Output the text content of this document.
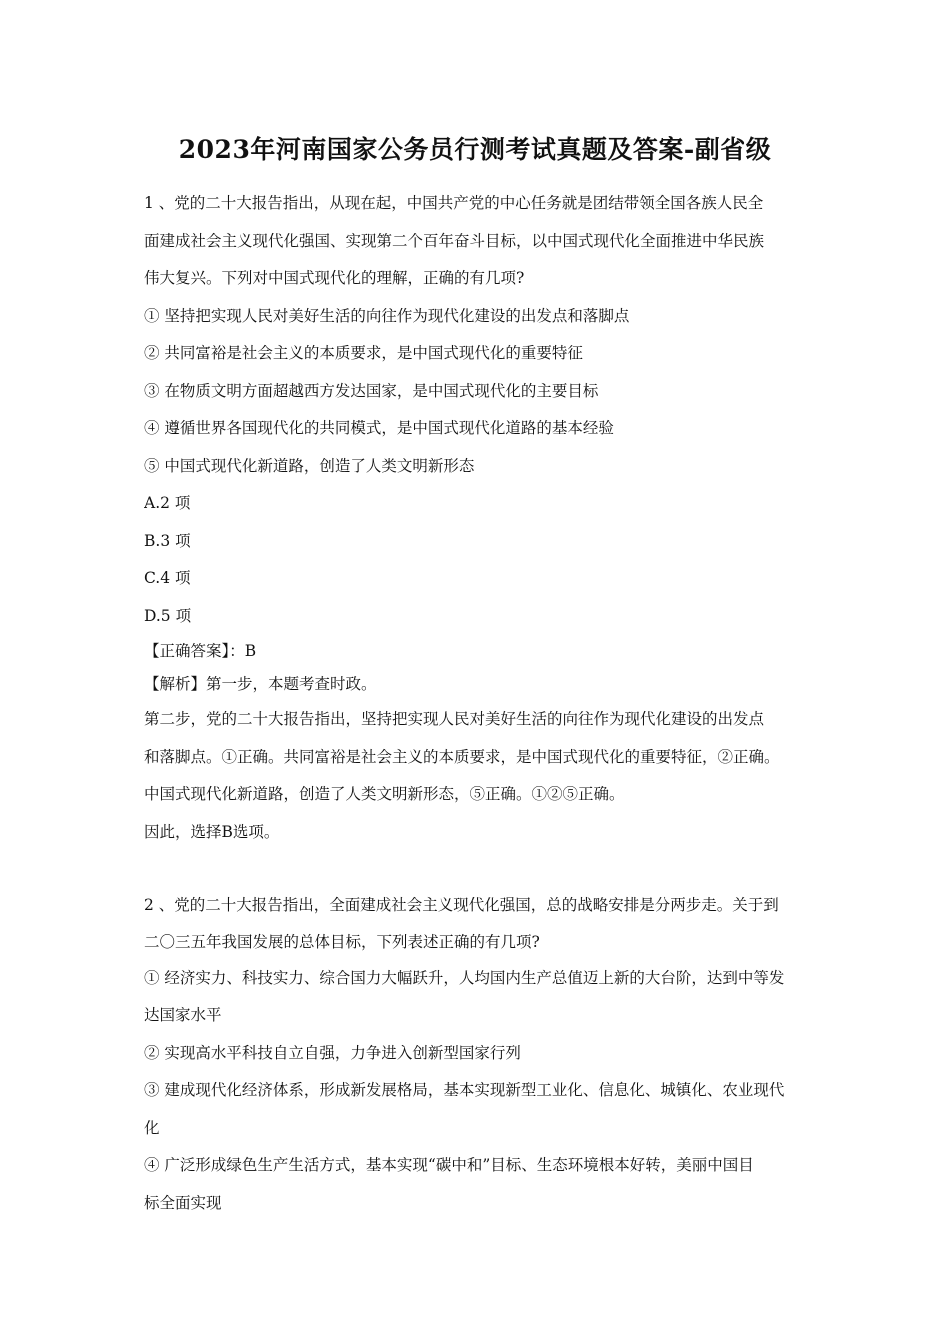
2023年河南国家公务员行测考试真题及答案-副省级
1 、党的二十大报告指出，从现在起，中国共产党的中心任务就是团结带领全国各族人民全
面建成社会主义现代化强国、实现第二个百年奋斗目标，以中国式现代化全面推进中华民族
伟大复兴。下列对中国式现代化的理解，正确的有几项?
① 坚持把实现人民对美好生活的向往作为现代化建设的出发点和落脚点
② 共同富裕是社会主义的本质要求，是中国式现代化的重要特征
③ 在物质文明方面超越西方发达国家，是中国式现代化的主要目标
④ 遵循世界各国现代化的共同模式，是中国式现代化道路的基本经验
⑤ 中国式现代化新道路，创造了人类文明新形态
A.2 项
B.3 项
C.4 项
D.5 项
【正确答案】：B
【解析】第一步，本题考查时政。
第二步，党的二十大报告指出，坚持把实现人民对美好生活的向往作为现代化建设的出发点
和落脚点。①正确。共同富裕是社会主义的本质要求，是中国式现代化的重要特征，②正确。
中国式现代化新道路，创造了人类文明新形态，⑤正确。①②⑤正确。
因此，选择B选项。
2 、党的二十大报告指出，全面建成社会主义现代化强国，总的战略安排是分两步走。关于到
二〇三五年我国发展的总体目标，下列表述正确的有几项?
① 经济实力、科技实力、综合国力大幅跃升，人均国内生产总值迈上新的大台阶，达到中等发
达国家水平
② 实现高水平科技自立自强，力争进入创新型国家行列
③ 建成现代化经济体系，形成新发展格局，基本实现新型工业化、信息化、城镇化、农业现代
化
④ 广泛形成绿色生产生活方式，基本实现“碳中和”目标、生态环境根本好转，美丽中国目
标全面实现
